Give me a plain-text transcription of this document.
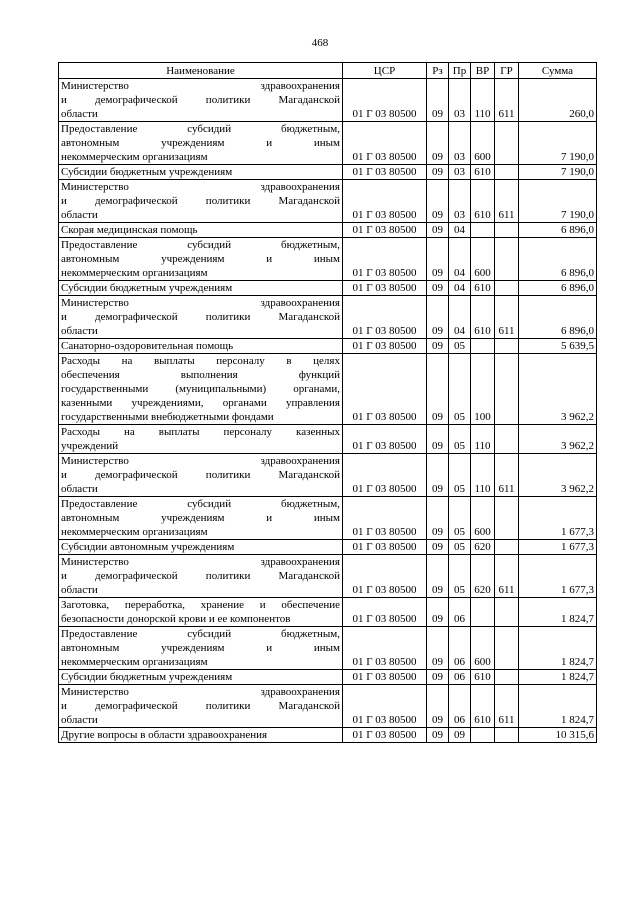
468
Наименование	ЦСР	Рз	Пр	ВР	ГР	Сумма

Министерство здравоохранения
и демографической политики Магаданской
области	01 Г 03 80500	09	03	110	611	260,0

Предоставление субсидий бюджетным,
автономным учреждениям и иным
некоммерческим организациям	01 Г 03 80500	09	03	600		7 190,0

Субсидии бюджетным учреждениям	01 Г 03 80500	09	03	610		7 190,0

Министерство здравоохранения
и демографической политики Магаданской
области	01 Г 03 80500	09	03	610	611	7 190,0

Скорая медицинская помощь	01 Г 03 80500	09	04			6 896,0

Предоставление субсидий бюджетным,
автономным учреждениям и иным
некоммерческим организациям	01 Г 03 80500	09	04	600		6 896,0

Субсидии бюджетным учреждениям	01 Г 03 80500	09	04	610		6 896,0

Министерство здравоохранения
и демографической политики Магаданской
области	01 Г 03 80500	09	04	610	611	6 896,0

Санаторно-оздоровительная помощь	01 Г 03 80500	09	05			5 639,5

Расходы на выплаты персоналу в целях
обеспечения выполнения функций
государственными (муниципальными) органами,
казенными учреждениями, органами управления
государственными внебюджетными фондами	01 Г 03 80500	09	05	100		3 962,2

Расходы на выплаты персоналу казенных
учреждений	01 Г 03 80500	09	05	110		3 962,2

Министерство здравоохранения
и демографической политики Магаданской
области	01 Г 03 80500	09	05	110	611	3 962,2

Предоставление субсидий бюджетным,
автономным учреждениям и иным
некоммерческим организациям	01 Г 03 80500	09	05	600		1 677,3

Субсидии автономным учреждениям	01 Г 03 80500	09	05	620		1 677,3

Министерство здравоохранения
и демографической политики Магаданской
области	01 Г 03 80500	09	05	620	611	1 677,3

Заготовка, переработка, хранение и обеспечение
безопасности донорской крови и ее компонентов	01 Г 03 80500	09	06			1 824,7

Предоставление субсидий бюджетным,
автономным учреждениям и иным
некоммерческим организациям	01 Г 03 80500	09	06	600		1 824,7

Субсидии бюджетным учреждениям	01 Г 03 80500	09	06	610		1 824,7

Министерство здравоохранения
и демографической политики Магаданской
области	01 Г 03 80500	09	06	610	611	1 824,7

Другие вопросы в области здравоохранения	01 Г 03 80500	09	09			10 315,6
